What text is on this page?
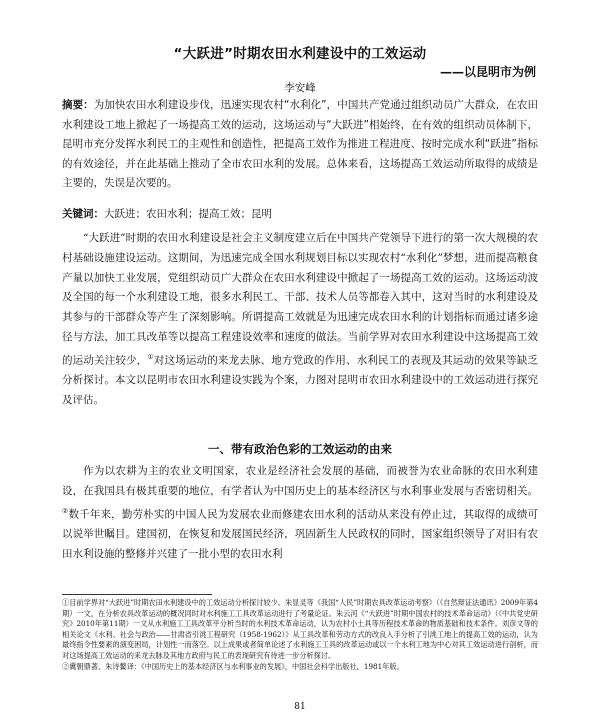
“大跃进”时期农田水利建设中的工效运动
——以昆明市为例
李安峰
摘要：为加快农田水利建设步伐，迅速实现农村“水利化”，中国共产党通过组织动员广大群众，在农田水利建设工地上掀起了一场提高工效的运动，这场运动与“大跃进”相始终，在有效的组织动员体制下，昆明市充分发挥水利民工的主观性和创造性，把提高工效作为推进工程进度、按时完成水利“跃进”指标的有效途径，并在此基础上推动了全市农田水利的发展。总体来看，这场提高工效运动所取得的成绩是主要的，失误是次要的。
关键词：大跃进；农田水利；提高工效；昆明

“大跃进”时期的农田水利建设是社会主义制度建立后在中国共产党领导下进行的第一次大规模的农村基础设施建设运动。这期间，为迅速完成全国水利规划目标以实现农村“水利化”梦想，进而提高粮食产量以加快工业发展，党组织动员广大群众在农田水利建设中掀起了一场提高工效的运动。这场运动波及全国的每一个水利建设工地，很多水利民工、干部、技术人员等都卷入其中，这对当时的水利建设及其参与的干部群众等产生了深刻影响。所谓提高工效就是为迅速完成农田水利的计划指标而通过诸多途径与方法，加工具改革等以提高工程建设效率和速度的做法。当前学界对农田水利建设中这场提高工效的运动关注较少，①对这场运动的来龙去脉、地方党政的作用、水利民工的表现及其运动的效果等缺乏分析探讨。本文以昆明市农田水利建设实践为个案，力图对昆明市农田水利建设中的工效运动进行探究及评估。

一、带有政治色彩的工效运动的由来

作为以农耕为主的农业文明国家，农业是经济社会发展的基础，而被誉为农业命脉的农田水利建设，在我国具有极其重要的地位，有学者认为中国历史上的基本经济区与水利事业发展与否密切相关。②数千年来，勤劳朴实的中国人民为发展农业而修建农田水利的活动从来没有停止过，其取得的成绩可以说举世瞩目。建国初，在恢复和发展国民经济，巩固新生人民政权的同时，国家组织领导了对旧有农田水利设施的整修并兴建了一批小型的农田水利

①目前学界对“大跃进”时期农田水利建设中的工效运动分析探讨较少。朱显灵等《我国“人民”时期农具改革运动考察》（《自然辩证法通讯》2009年第4期）一文，在分析农具改革运动的概况同时对水利施工工具改革运动进行了考量论证。朱云河《“大跃进”时期中国农村的技术革命运动》（《中共党史研究》2010年第11期）一文从水利施工工具改革平分析当时的水利技术革命运动，认为农村小土具等历程技术革命的物质基础和技术条件。刘彦文等的相关论文《水利、社会与政治——甘肃省引洮工程研究（1958-1962）》从工具改革和劳动方式的改良入手分析了引洮工地上的提高工效的运动，认为最终指令性要素的演变困局，计划性一而落空。以上成果或者简单论述了水利施工工具的改革运动或以一个水利工地为中心对其工效运动进行剖析，而对这场提高工效运动的来龙去脉及其地方政府与民工的表现研究有待进一步分析探讨。

②冀朝鼎著、朱诗鳌译：《中国历史上的基本经济区与水利事业的发展》，中国社会科学出版社，1981年版。

81
